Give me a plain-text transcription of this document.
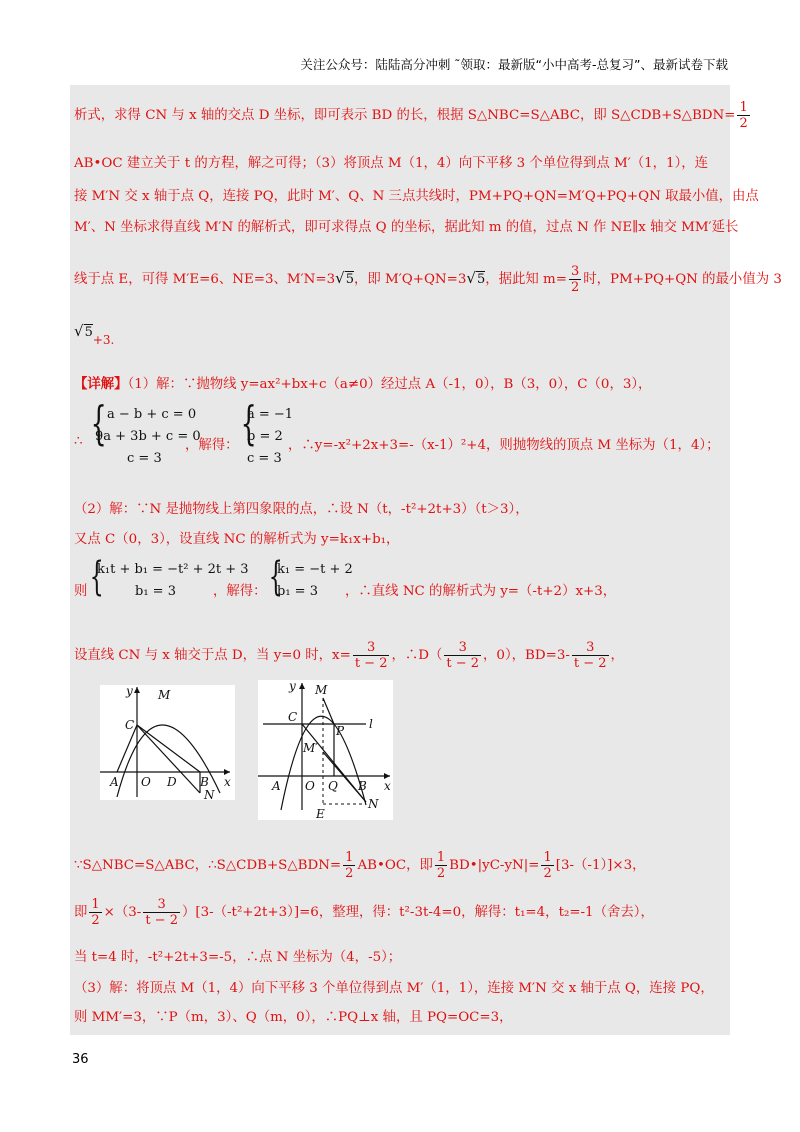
关注公众号：陆陆高分冲刺 ˜领取：最新版“小中高考-总复习”、最新试卷下载
析式，求得 CN 与 x 轴的交点 D 坐标，即可表示 BD 的长，根据 S△NBC=S△ABC，即 S△CDB+S△BDN= $\frac{1}{2}$
AB•OC 建立关于 t 的方程，解之可得；（3）将顶点 M（1，4）向下平移 3 个单位得到点 M′（1，1），连
接 M′N 交 x 轴于点 Q，连接 PQ，此时 M′、Q、N 三点共线时，PM+PQ+QN=M′Q+PQ+QN 取最小值，由点
M′、N 坐标求得直线 M′N 的解析式，即可求得点 Q 的坐标，据此知 m 的值，过点 N 作 NE∥x 轴交 MM′延长
线于点 E，可得 M′E=6、NE=3、M′N=3√5，即 M′Q+QN=3√5，据此知 $m= \frac{3}{2}$ 时，PM+PQ+QN 的最小值为 3
√5+3.
【详解】（1）解：∵抛物线 y=ax²+bx+c（a≠0）经过点 A（-1，0），B（3，0），C（0，3），
∴ { a − b + c = 0
9a + 3b + c = 0
c = 3
，解得： {
a = −1
b = 2
c = 3
，∴y=-x²+2x+3=-（x-1）²+4，则抛物线的顶点 M 坐标为（1，4）；
（2）解：∵N 是抛物线上第四象限的点，∴设 N（t，-t²+2t+3）（t＞3），
又点 C（0，3），设直线 NC 的解析式为 y=k₁x+b₁，
则 {
k₁t + b₁ = −t² + 2t + 3
b₁ = 3	，解得： {
k₁ = −t + 2
b₁ = 3	，∴直线 NC 的解析式为 y=（-t+2）x+3，
设直线 CN 与 x 轴交于点 D，当 y=0 时，$x= \frac{3}{t - 2}$ ，∴D（ $\frac{3}{t - 2}$ ，0），$BD=3- \frac{3}{t - 2}$ ，
y
x
M
C
A O D B
N
y
x
M
C	l
P
M′
A O Q B
N
E
∵S△NBC=S△ABC，∴S△CDB+S△BDN= $\frac{1}{2}$ AB•OC，即 $\frac{1}{2}$ BD•|yC-yN|= $\frac{1}{2} [3-(-1)]\times 3$，
即 $\frac{1}{2} \times(3- \frac{3}{t - 2} )[3-(-t^2+2t+3)]=6$，整理，得：t²-3t-4=0，解得：t₁=4，t₂=-1（舍去），
当 t=4 时，-t²+2t+3=-5，∴点 N 坐标为（4，-5）；
（3）解：将顶点 M（1，4）向下平移 3 个单位得到点 M′（1，1），连接 M′N 交 x 轴于点 Q，连接 PQ，
则 MM′=3，∵P（m，3）、Q（m，0），∴PQ⊥x 轴，且 PQ=OC=3，
36
